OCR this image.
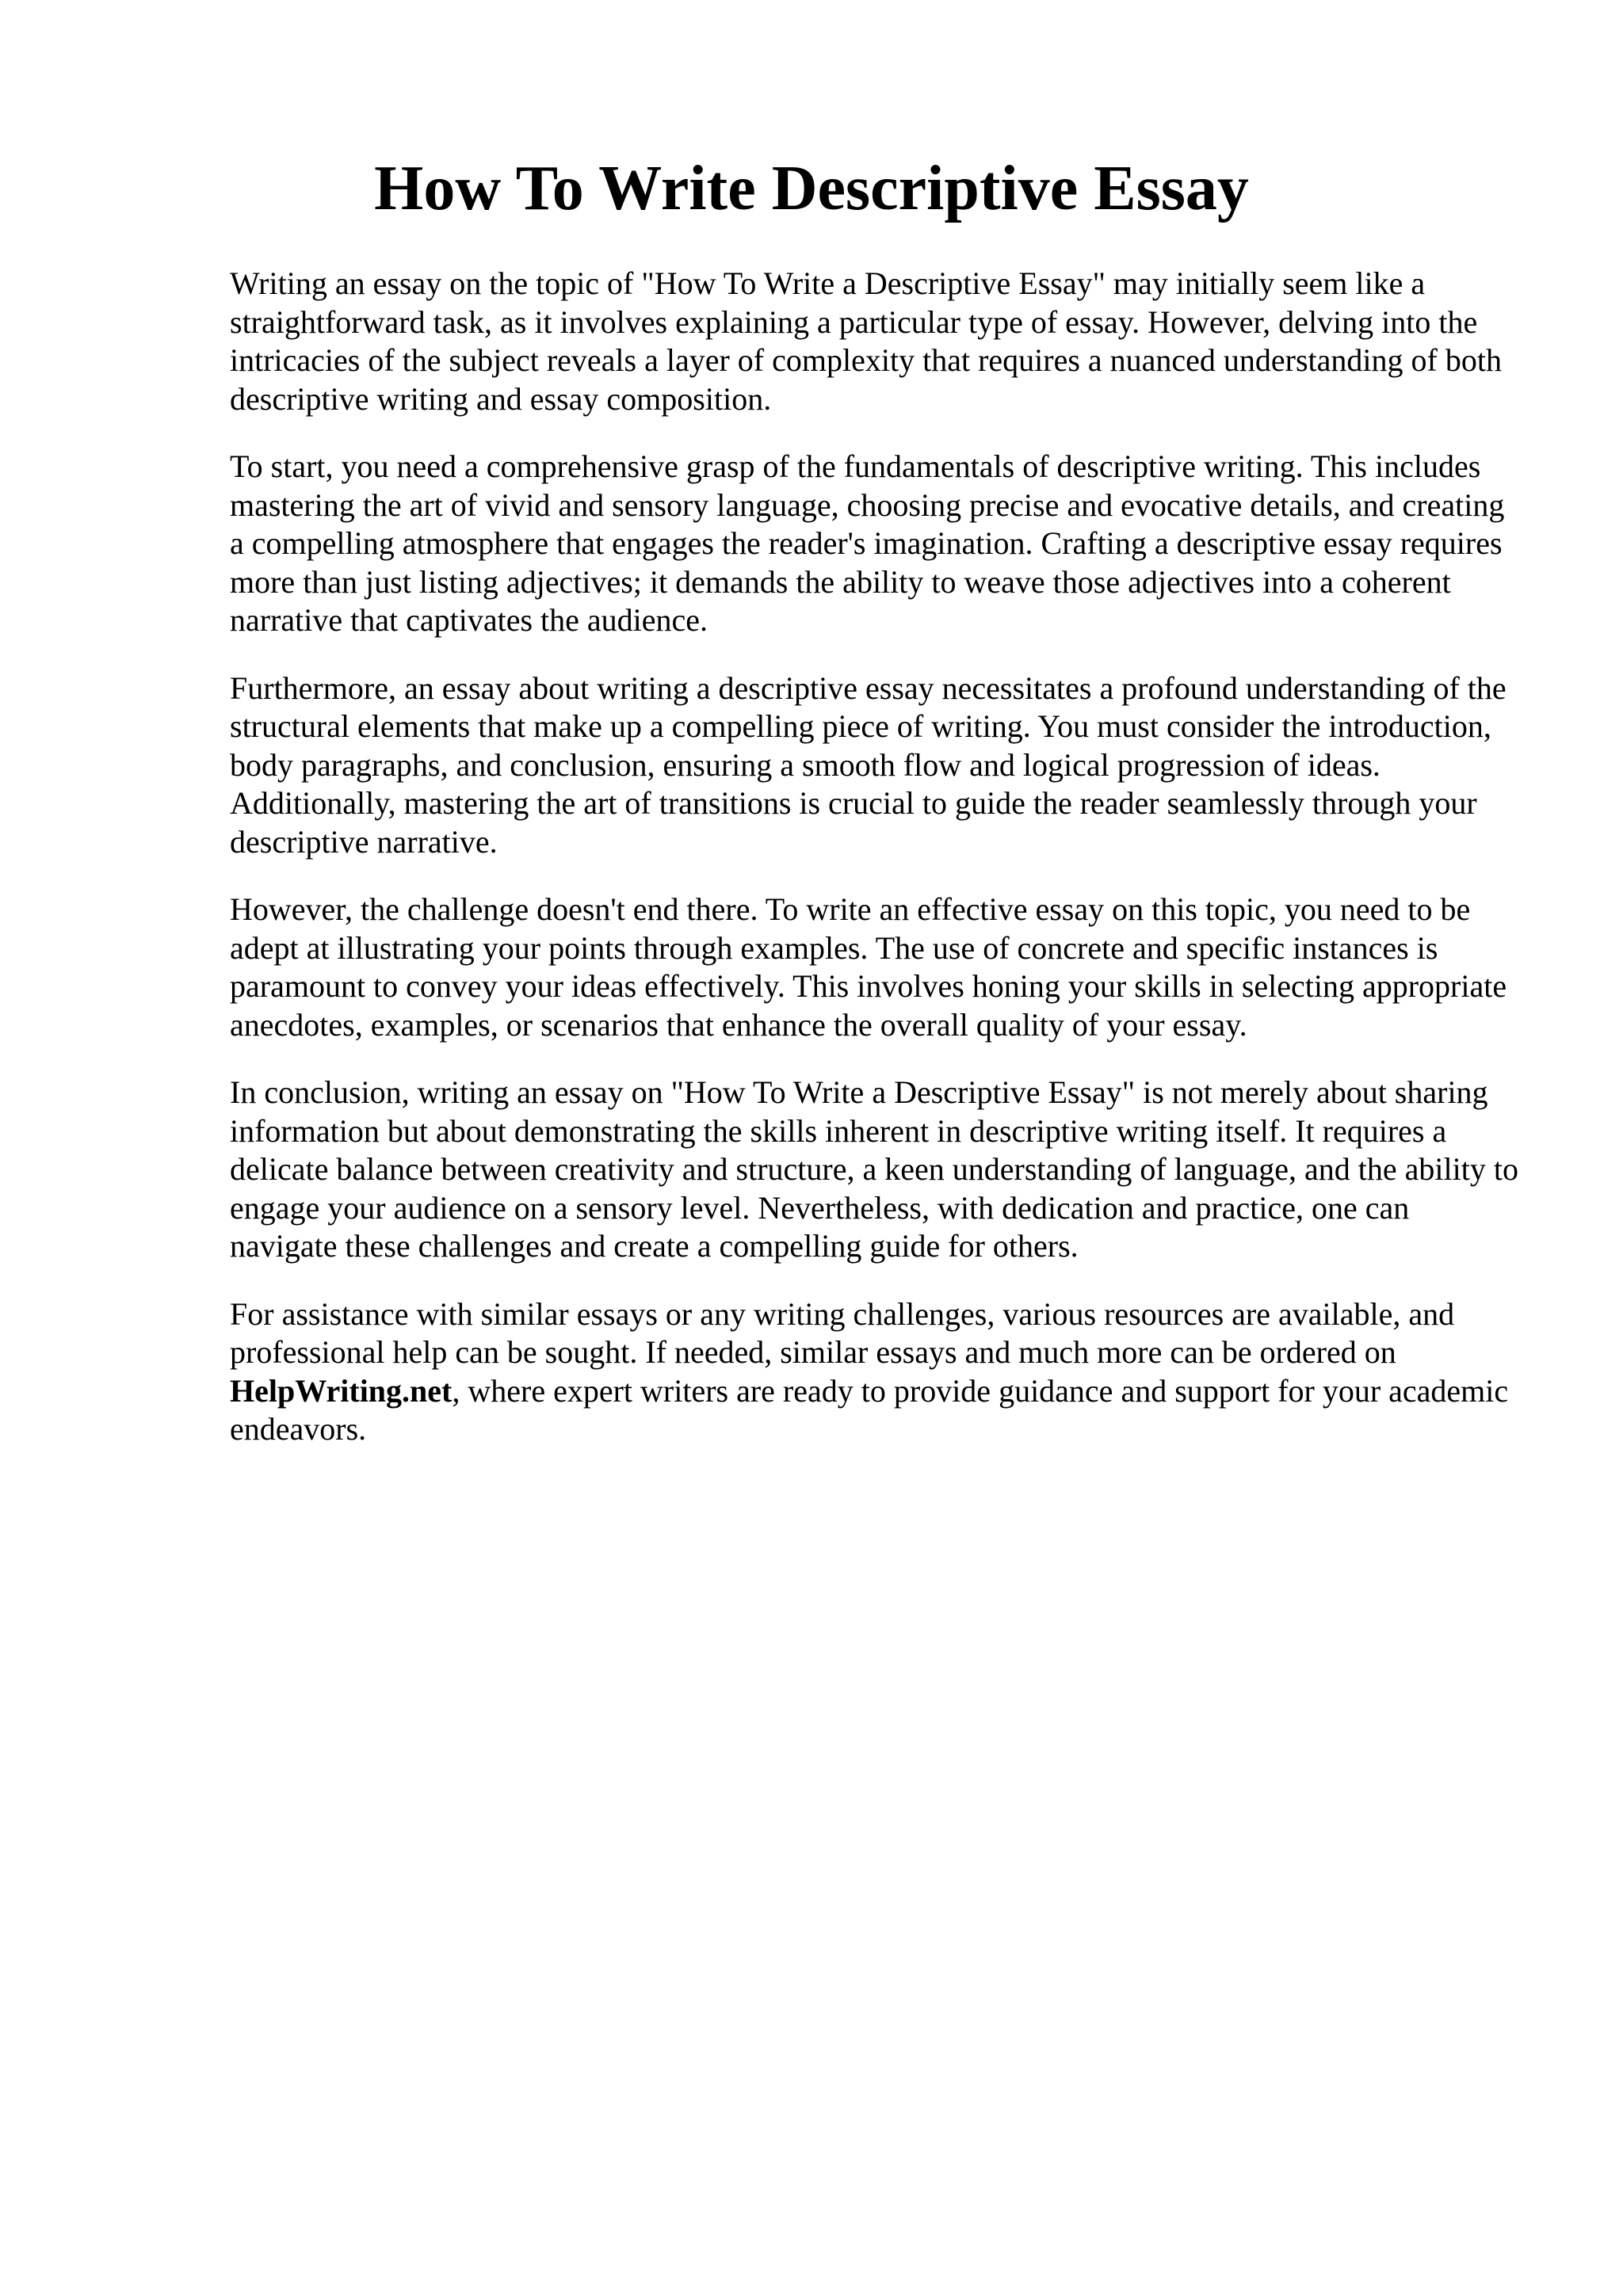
How To Write Descriptive Essay

Writing an essay on the topic of "How To Write a Descriptive Essay" may initially seem like a straightforward task, as it involves explaining a particular type of essay. However, delving into the intricacies of the subject reveals a layer of complexity that requires a nuanced understanding of both descriptive writing and essay composition.

To start, you need a comprehensive grasp of the fundamentals of descriptive writing. This includes mastering the art of vivid and sensory language, choosing precise and evocative details, and creating a compelling atmosphere that engages the reader's imagination. Crafting a descriptive essay requires more than just listing adjectives; it demands the ability to weave those adjectives into a coherent narrative that captivates the audience.

Furthermore, an essay about writing a descriptive essay necessitates a profound understanding of the structural elements that make up a compelling piece of writing. You must consider the introduction, body paragraphs, and conclusion, ensuring a smooth flow and logical progression of ideas. Additionally, mastering the art of transitions is crucial to guide the reader seamlessly through your descriptive narrative.

However, the challenge doesn't end there. To write an effective essay on this topic, you need to be adept at illustrating your points through examples. The use of concrete and specific instances is paramount to convey your ideas effectively. This involves honing your skills in selecting appropriate anecdotes, examples, or scenarios that enhance the overall quality of your essay.

In conclusion, writing an essay on "How To Write a Descriptive Essay" is not merely about sharing information but about demonstrating the skills inherent in descriptive writing itself. It requires a delicate balance between creativity and structure, a keen understanding of language, and the ability to engage your audience on a sensory level. Nevertheless, with dedication and practice, one can navigate these challenges and create a compelling guide for others.

For assistance with similar essays or any writing challenges, various resources are available, and professional help can be sought. If needed, similar essays and much more can be ordered on HelpWriting.net, where expert writers are ready to provide guidance and support for your academic endeavors.
